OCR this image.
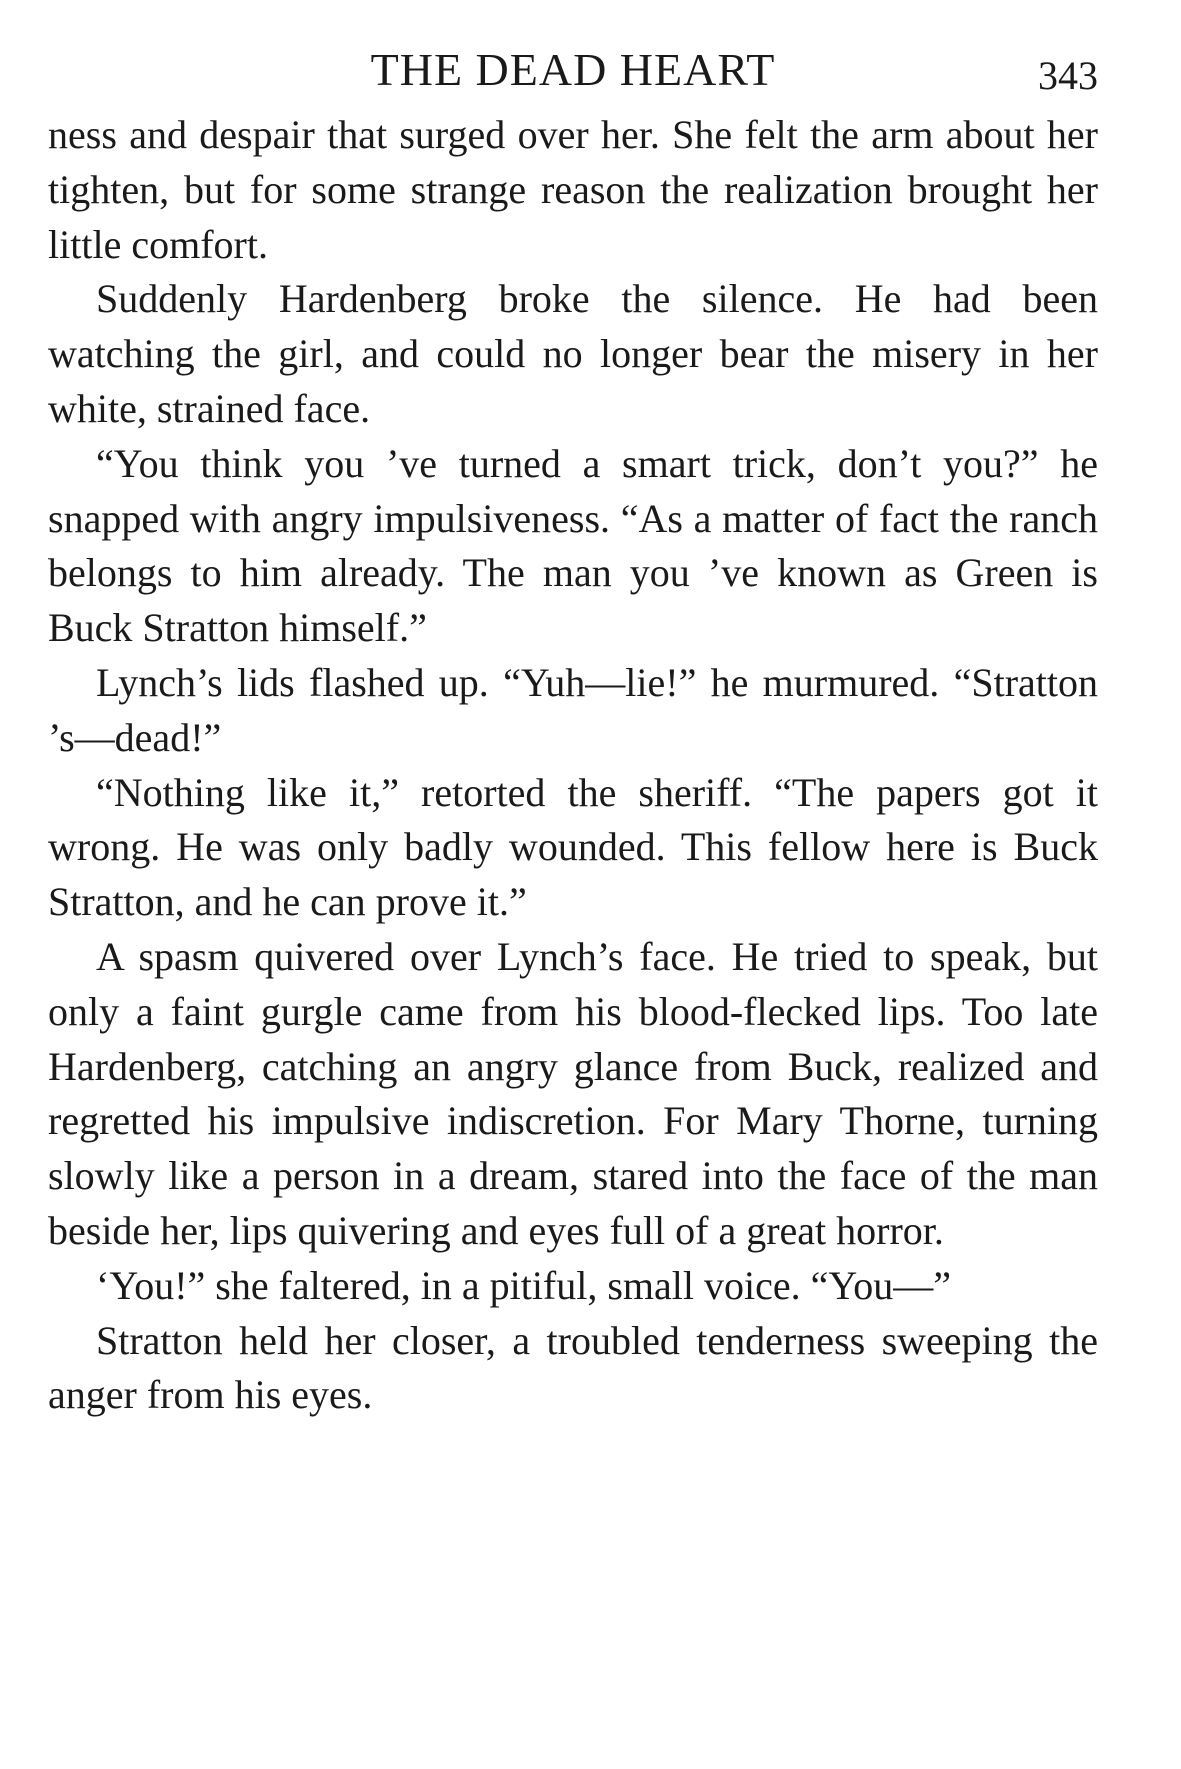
THE DEAD HEART	343

ness and despair that surged over her. She felt the arm about her tighten, but for some strange reason the realization brought her little comfort.

Suddenly Hardenberg broke the silence. He had been watching the girl, and could no longer bear the misery in her white, strained face.

“You think you ’ve turned a smart trick, don’t you?” he snapped with angry impulsiveness. “As a matter of fact the ranch belongs to him already. The man you ’ve known as Green is Buck Stratton himself.”

Lynch’s lids flashed up. “Yuh—lie!” he murmured. “Stratton ’s—dead!”

“Nothing like it,” retorted the sheriff. “The papers got it wrong. He was only badly wounded. This fellow here is Buck Stratton, and he can prove it.”

A spasm quivered over Lynch’s face. He tried to speak, but only a faint gurgle came from his blood-flecked lips. Too late Hardenberg, catching an angry glance from Buck, realized and regretted his impulsive indiscretion. For Mary Thorne, turning slowly like a person in a dream, stared into the face of the man beside her, lips quivering and eyes full of a great horror.

‘You!” she faltered, in a pitiful, small voice. “You—”

Stratton held her closer, a troubled tenderness sweeping the anger from his eyes.
